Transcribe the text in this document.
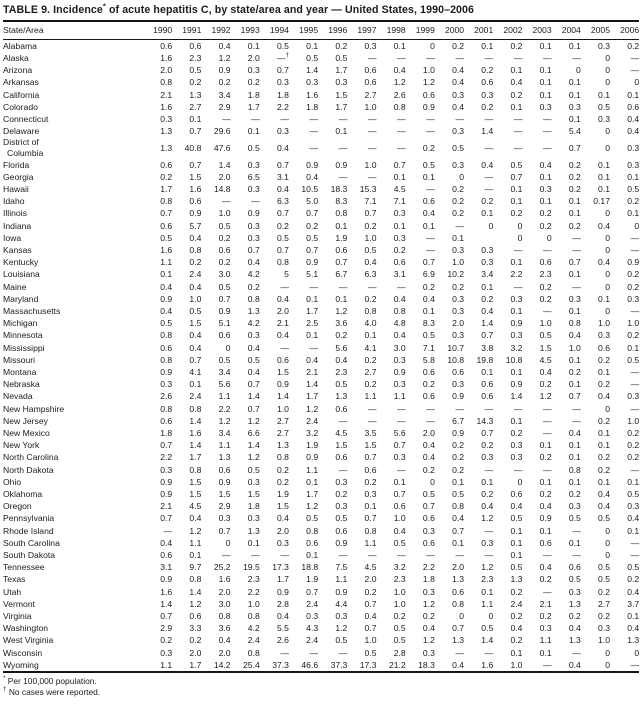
TABLE 9. Incidence* of acute hepatitis C, by state/area and year — United States, 1990–2006
State/Area	1990	1991	1992	1993	1994	1995	1996	1997	1998	1999	2000	2001	2002	2003	2004	2005	2006
Alabama	0.6	0.6	0.4	0.1	0.5	0.1	0.2	0.3	0.1	0	0.2	0.1	0.2	0.1	0.1	0.3	0.2
Alaska	1.6	2.3	1.2	2.0	—†	0.5	0.5	—	—	—	—	—	—	—	—	0	—
Arizona	2.0	0.5	0.9	0.3	0.7	1.4	1.7	0.6	0.4	1.0	0.4	0.2	0.1	0.1	0	0	—
Arkansas	0.8	0.2	0.2	0.2	0.3	0.3	0.3	0.6	1.2	1.2	0.4	0.6	0.4	0.1	0.1	0	0
California	2.1	1.3	3.4	1.8	1.8	1.6	1.5	2.7	2.6	0.6	0.3	0.3	0.2	0.1	0.1	0.1	0.1
Colorado	1.6	2.7	2.9	1.7	2.2	1.8	1.7	1.0	0.8	0.9	0.4	0.2	0.1	0.3	0.3	0.5	0.6
Connecticut	0.3	0.1	—	—	—	—	—	—	—	—	—	—	—	—	0.1	0.3	0.4
Delaware	1.3	0.7	29.6	0.1	0.3	—	0.1	—	—	—	0.3	1.4	—	—	5.4	0	0.4

District of
Columbia	1.3	40.8	47.6	0.5	0.4	—	—	—	—	0.2	0.5	—	—	—	0.7	0	0.3
Florida	0.6	0.7	1.4	0.3	0.7	0.9	0.9	1.0	0.7	0.5	0.3	0.4	0.5	0.4	0.2	0.1	0.3
Georgia	0.2	1.5	2.0	6.5	3.1	0.4	—	—	0.1	0.1	0	—	0.7	0.1	0.2	0.1	0.1
Hawaii	1.7	1.6	14.8	0.3	0.4	10.5	18.3	15.3	4.5	—	0.2	—	0.1	0.3	0.2	0.1	0.5
Idaho	0.8	0.6	—	—	6.3	5.0	8.3	7.1	7.1	0.6	0.2	0.2	0.1	0.1	0.1	0.17	0.2
Illinois	0.7	0.9	1.0	0.9	0.7	0.7	0.8	0.7	0.3	0.4	0.2	0.1	0.2	0.2	0.1	0	0.1
Indiana	0.6	5.7	0.5	0.3	0.2	0.2	0.1	0.2	0.1	0.1	—	0	0	0.2	0.2	0.4	0
Iowa	0.5	0.4	0.2	0.3	0.5	0.5	1.9	1.0	0.3	—	0.1		0	0	—	0	—
Kansas	1.6	0.8	0.6	0.7	0.7	0.7	0.6	0.5	0.2	—	0.3	0.3	—	—	—	0	—
Kentucky	1.1	0.2	0.2	0.4	0.8	0.9	0.7	0.4	0.6	0.7	1.0	0.3	0.1	0.6	0.7	0.4	0.9
Louisiana	0.1	2.4	3.0	4.2	5	5.1	6.7	6.3	3.1	6.9	10.2	3.4	2.2	2.3	0.1	0	0.2
Maine	0.4	0.4	0.5	0.2	—	—	—	—	—	0.2	0.2	0.1	—	0.2	—	0	0.2
Maryland	0.9	1.0	0.7	0.8	0.4	0.1	0.1	0.2	0.4	0.4	0.3	0.2	0.3	0.2	0.3	0.1	0.3
Massachusetts	0.4	0.5	0.9	1.3	2.0	1.7	1.2	0.8	0.8	0.1	0.3	0.4	0.1	—	0.1	0	—
Michigan	0.5	1.5	5.1	4.2	2.1	2.5	3.6	4.0	4.8	8.3	2.0	1.4	0.9	1.0	0.8	1.0	1.0
Minnesota	0.8	0.4	0.6	0.3	0.4	0.1	0.2	0.1	0.4	0.5	0.3	0.7	0.3	0.5	0.4	0.3	0.2
Mississippi	0.6	0.4	0	0.4	—	—	5.6	4.1	3.0	7.1	10.7	3.8	3.2	1.5	1.0	0.6	0.1
Missouri	0.8	0.7	0.5	0.5	0.6	0.4	0.4	0.2	0.3	5.8	10.8	19.8	10.8	4.5	0.1	0.2	0.5
Montana	0.9	4.1	3.4	0.4	1.5	2.1	2.3	2.7	0.9	0.6	0.6	0.1	0.1	0.4	0.2	0.1	—
Nebraska	0.3	0.1	5.6	0.7	0.9	1.4	0.5	0.2	0.3	0.2	0.3	0.6	0.9	0.2	0.1	0.2	—
Nevada	2.6	2.4	1.1	1.4	1.4	1.7	1.3	1.1	1.1	0.6	0.9	0.6	1.4	1.2	0.7	0.4	0.3
New Hampshire	0.8	0.8	2.2	0.7	1.0	1.2	0.6	—	—	—	—	—	—	—	—	0	—
New Jersey	0.6	1.4	1.2	1.2	2.7	2.4	—	—	—	—	6.7	14.3	0.1	—	—	0.2	1.0
New Mexico	1.8	1.6	3.4	6.6	2.7	3.2	4.5	3.5	5.6	2.0	0.9	0.7	0.2	—	0.4	0.1	0.2
New York	0.7	1.4	1.1	1.4	1.3	1.9	1.5	1.5	0.7	0.4	0.2	0.2	0.3	0.1	0.1	0.1	0.2
North Carolina	2.2	1.7	1.3	1.2	0.8	0.9	0.6	0.7	0.3	0.4	0.2	0.3	0.3	0.2	0.1	0.2	0.2
North Dakota	0.3	0.8	0.6	0.5	0.2	1.1	—	0.6	—	0.2	0.2	—	—	—	0.8	0.2	—
Ohio	0.9	1.5	0.9	0.3	0.2	0.1	0.3	0.2	0.1	0	0.1	0.1	0	0.1	0.1	0.1	0.1
Oklahoma	0.9	1.5	1.5	1.5	1.9	1.7	0.2	0.3	0.7	0.5	0.5	0.2	0.6	0.2	0.2	0.4	0.5
Oregon	2.1	4.5	2.9	1.8	1.5	1.2	0.3	0.1	0.6	0.7	0.8	0.4	0.4	0.4	0.3	0.4	0.3
Pennsylvania	0.7	0.4	0.3	0.3	0.4	0.5	0.5	0.7	1.0	0.6	0.4	1.2	0.5	0.9	0.5	0.5	0.4
Rhode Island	—	1.2	0.7	1.3	2.0	0.8	0.6	0.8	0.4	0.3	0.7	—	0.1	0.1	—	0	0.1
South Carolina	0.4	1.1	0	0.1	0.3	0.6	0.9	1.1	0.5	0.6	0.1	0.3	0.1	0.6	0.1	0	—
South Dakota	0.6	0.1	—	—	—	0.1	—	—	—	—	—	—	0.1	—	—	0	—
Tennessee	3.1	9.7	25.2	19.5	17.3	18.8	7.5	4.5	3.2	2.2	2.0	1.2	0.5	0.4	0.6	0.5	0.5
Texas	0.9	0.8	1.6	2.3	1.7	1.9	1.1	2.0	2.3	1.8	1.3	2.3	1.3	0.2	0.5	0.5	0.2
Utah	1.6	1.4	2.0	2.2	0.9	0.7	0.9	0.2	1.0	0.3	0.6	0.1	0.2	—	0.3	0.2	0.4
Vermont	1.4	1.2	3.0	1.0	2.8	2.4	4.4	0.7	1.0	1.2	0.8	1.1	2.4	2.1	1.3	2.7	3.7
Virginia	0.7	0.6	0.8	0.8	0.4	0.3	0.3	0.4	0.2	0.2	0	0	0.2	0.2	0.2	0.2	0.1
Washington	2.9	3.3	3.6	4.2	5.5	4.3	1.2	0.7	0.5	0.4	0.7	0.5	0.4	0.3	0.4	0.3	0.4
West Virginia	0.2	0.2	0.4	2.4	2.6	2.4	0.5	1.0	0.5	1.2	1.3	1.4	0.2	1.1	1.3	1.0	1.3
Wisconsin	0.3	2.0	2.0	0.8	—	—	—	0.5	2.8	0.3	—	—	0.1	0.1	—	0	0
Wyoming	1.1	1.7	14.2	25.4	37.3	46.6	37.3	17.3	21.2	18.3	0.4	1.6	1.0	—	0.4	0	—
* Per 100,000 population.
† No cases were reported.
